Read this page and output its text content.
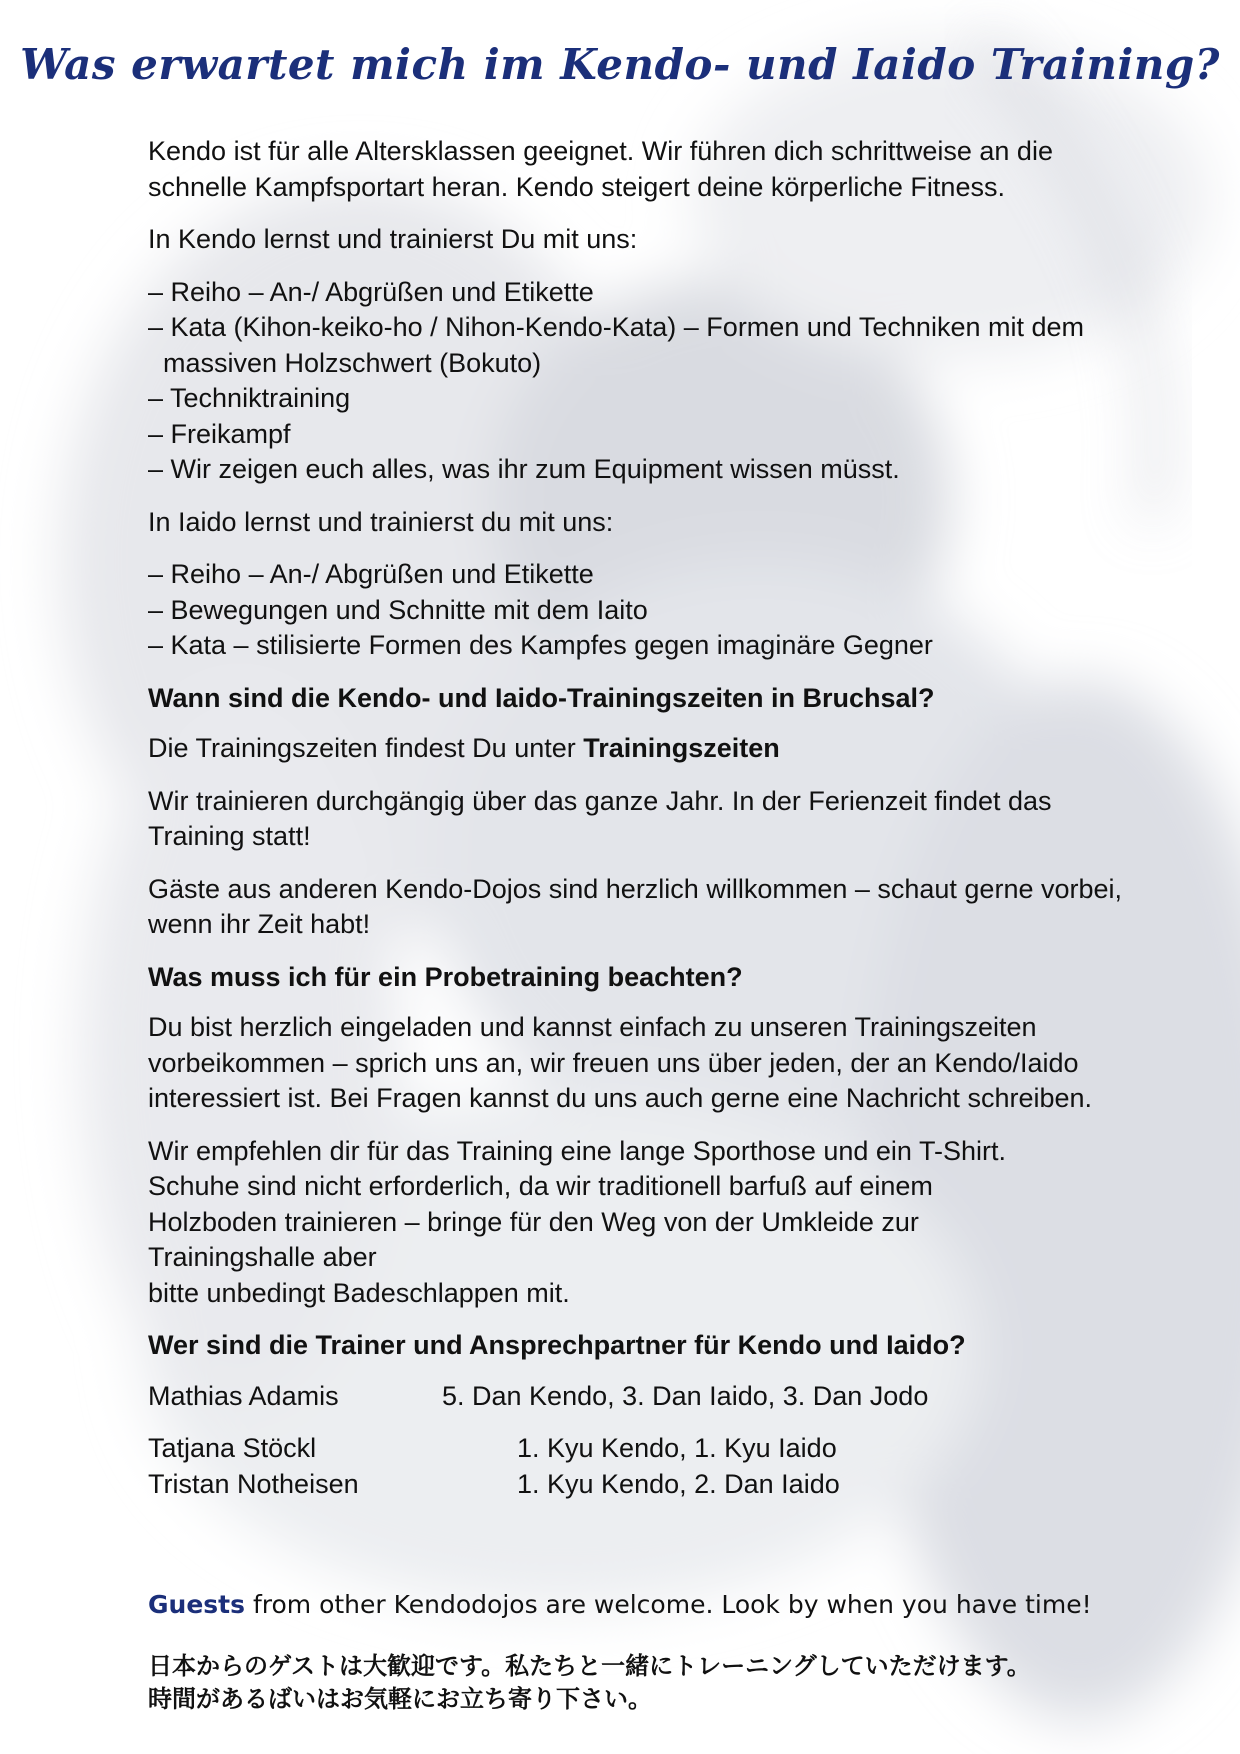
Was erwartet mich im Kendo- und Iaido Training?

Kendo ist für alle Altersklassen geeignet. Wir führen dich schrittweise an die schnelle Kampfsportart heran. Kendo steigert deine körperliche Fitness.

In Kendo lernst und trainierst Du mit uns:

– Reiho – An-/ Abgrüßen und Etikette
– Kata (Kihon-keiko-ho / Nihon-Kendo-Kata) – Formen und Techniken mit dem
massiven Holzschwert (Bokuto)
– Techniktraining
– Freikampf
– Wir zeigen euch alles, was ihr zum Equipment wissen müsst.

In Iaido lernst und trainierst du mit uns:

– Reiho – An-/ Abgrüßen und Etikette
– Bewegungen und Schnitte mit dem Iaito
– Kata – stilisierte Formen des Kampfes gegen imaginäre Gegner

Wann sind die Kendo- und Iaido-Trainingszeiten in Bruchsal?

Die Trainingszeiten findest Du unter Trainingszeiten

Wir trainieren durchgängig über das ganze Jahr. In der Ferienzeit findet das Training statt!

Gäste aus anderen Kendo-Dojos sind herzlich willkommen – schaut gerne vorbei, wenn ihr Zeit habt!

Was muss ich für ein Probetraining beachten?

Du bist herzlich eingeladen und kannst einfach zu unseren Trainingszeiten vorbeikommen – sprich uns an, wir freuen uns über jeden, der an Kendo/Iaido interessiert ist. Bei Fragen kannst du uns auch gerne eine Nachricht schreiben.

Wir empfehlen dir für das Training eine lange Sporthose und ein T-Shirt.
Schuhe sind nicht erforderlich, da wir traditionell barfuß auf einem
Holzboden trainieren – bringe für den Weg von der Umkleide zur
Trainingshalle aber
bitte unbedingt Badeschlappen mit.

Wer sind die Trainer und Ansprechpartner für Kendo und Iaido?

Mathias Adamis	5. Dan Kendo, 3. Dan Iaido, 3. Dan Jodo
Tatjana Stöckl	1. Kyu Kendo, 1. Kyu Iaido
Tristan Notheisen	1. Kyu Kendo, 2. Dan Iaido
Guests from other Kendodojos are welcome. Look by when you have time!
日本からのゲストは大歓迎です。私たちと一緒にトレーニングしていただけます。
時間があるばいはお気軽にお立ち寄り下さい。
